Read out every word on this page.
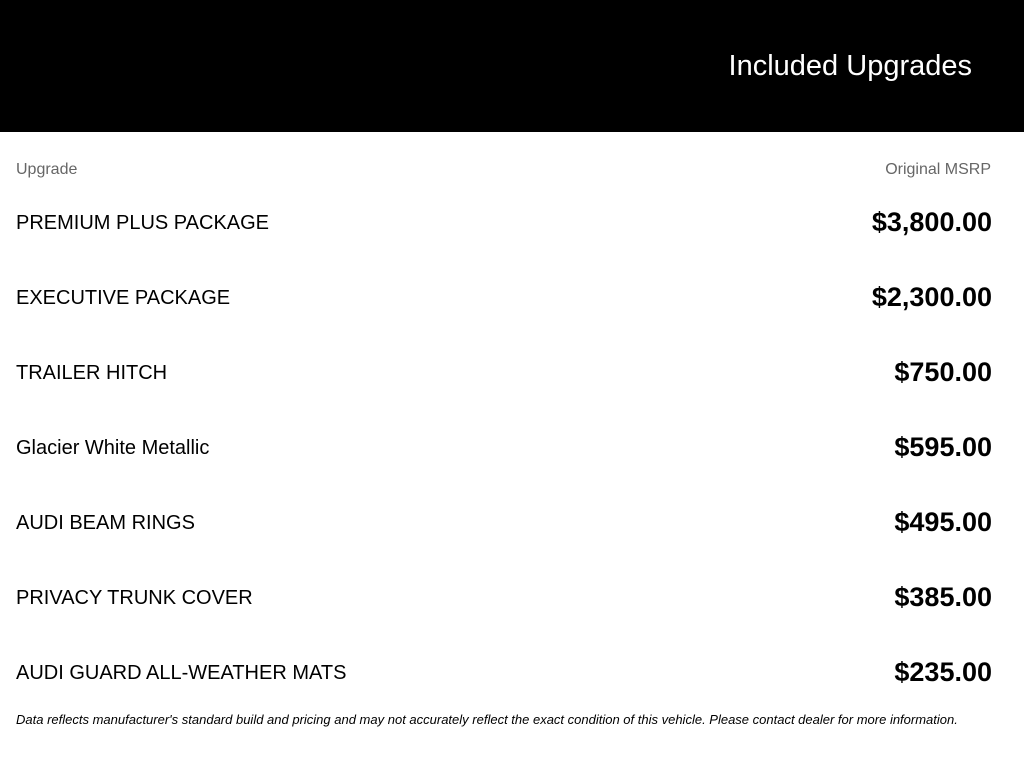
Included Upgrades
Upgrade	Original MSRP
PREMIUM PLUS PACKAGE	$3,800.00
EXECUTIVE PACKAGE	$2,300.00
TRAILER HITCH	$750.00
Glacier White Metallic	$595.00
AUDI BEAM RINGS	$495.00
PRIVACY TRUNK COVER	$385.00
AUDI GUARD ALL-WEATHER MATS	$235.00
Data reflects manufacturer's standard build and pricing and may not accurately reflect the exact condition of this vehicle. Please contact dealer for more information.
